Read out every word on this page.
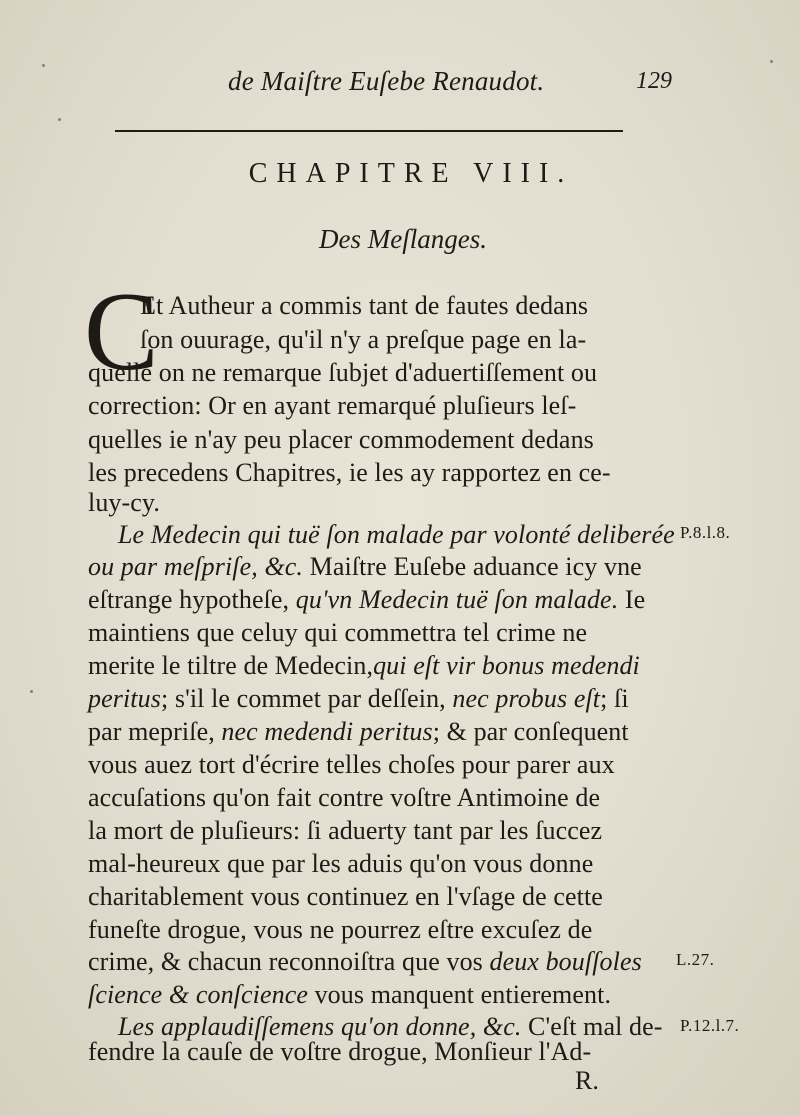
de Maiſtre Euſebe Renaudot.	129
CHAPITRE VIII.
Des Meſlanges.
C
Et Autheur a commis tant de fautes dedans
ſon ouurage, qu'il n'y a preſque page en la-
quelle on ne remarque ſubjet d'aduertiſſement ou
correction: Or en ayant remarqué pluſieurs leſ-
quelles ie n'ay peu placer commodement dedans
les precedens Chapitres, ie les ay rapportez en ce-
luy-cy.
Le Medecin qui tuë ſon malade par volonté deliberée P.8.l.8.
ou par meſpriſe, &c. Maiſtre Euſebe aduance icy vne
eſtrange hypotheſe, qu'vn Medecin tuë ſon malade. Ie
maintiens que celuy qui commettra tel crime ne
merite le tiltre de Medecin,qui eſt vir bonus medendi
peritus; s'il le commet par deſſein, nec probus eſt; ſi
par mepriſe, nec medendi peritus; & par conſequent
vous auez tort d'écrire telles choſes pour parer aux
accuſations qu'on fait contre voſtre Antimoine de
la mort de pluſieurs: ſi aduerty tant par les ſuccez
mal-heureux que par les aduis qu'on vous donne
charitablement vous continuez en l'vſage de cette
funeſte drogue, vous ne pourrez eſtre excuſez de
crime, & chacun reconnoiſtra que vos deux bouſſoles L.27.
ſcience & conſcience vous manquent entierement.
Les applaudiſſemens qu'on donne, &c. C'eſt mal de- P.12.l.7.
fendre la cauſe de voſtre drogue, Monſieur l'Ad-
R.
